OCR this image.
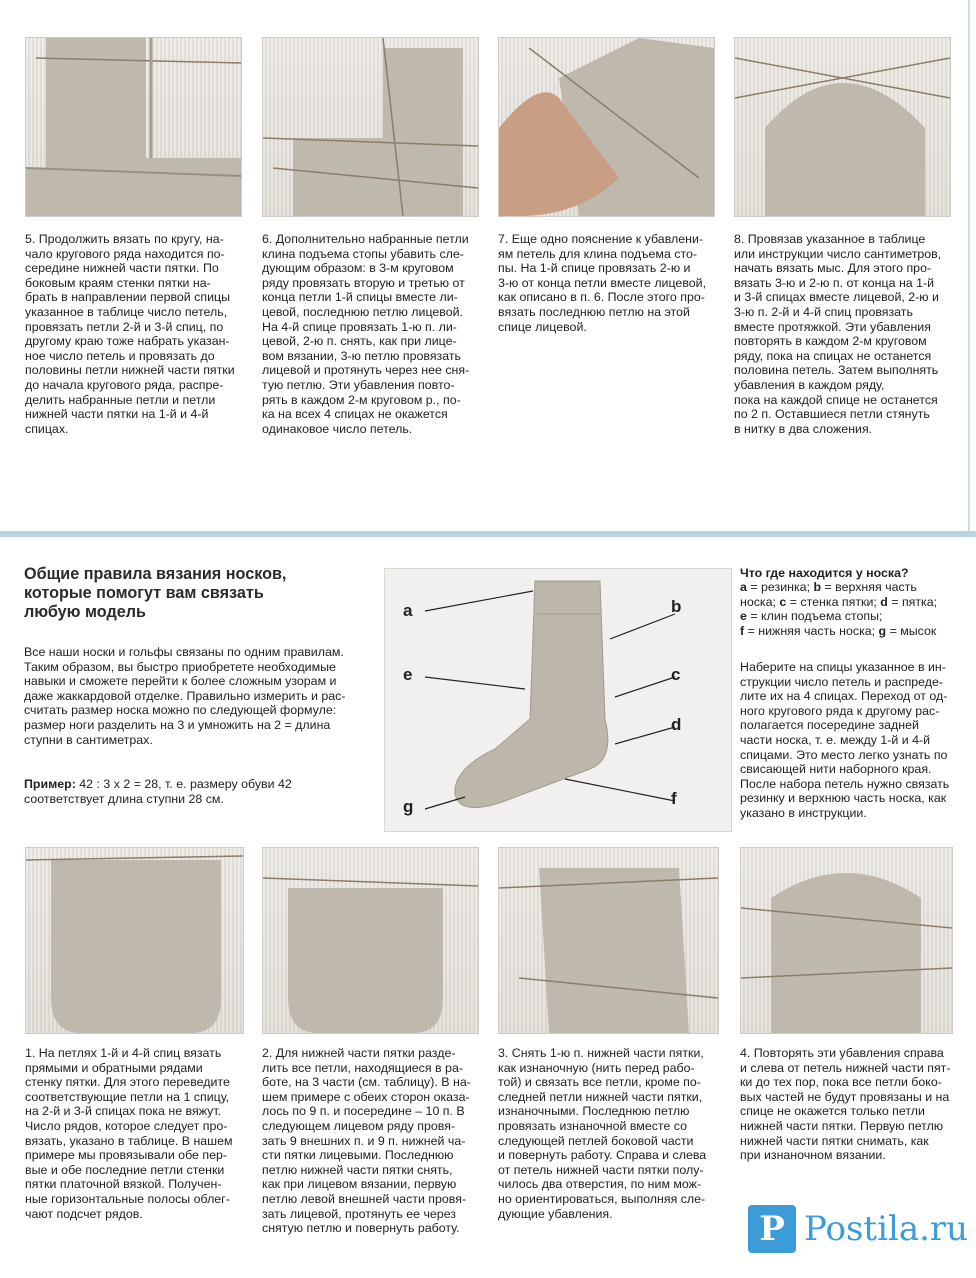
5. Продолжить вязать по кругу, на-
чало кругового ряда находится по-
середине нижней части пятки. По
боковым краям стенки пятки на-
брать в направлении первой спицы
указанное в таблице число петель,
провязать петли 2-й и 3-й спиц, по
другому краю тоже набрать указан-
ное число петель и провязать до
половины петли нижней части пятки
до начала кругового ряда, распре-
делить набранные петли и петли
нижней части пятки на 1-й и 4-й
спицах.
6. Дополнительно набранные петли
клина подъема стопы убавить сле-
дующим образом: в 3-м круговом
ряду провязать вторую и третью от
конца петли 1-й спицы вместе ли-
цевой, последнюю петлю лицевой.
На 4-й спице провязать 1-ю п. ли-
цевой, 2-ю п. снять, как при лице-
вом вязании, 3-ю петлю провязать
лицевой и протянуть через нее сня-
тую петлю. Эти убавления повто-
рять в каждом 2-м круговом р., по-
ка на всех 4 спицах не окажется
одинаковое число петель.
7. Еще одно пояснение к убавлени-
ям петель для клина подъема сто-
пы. На 1-й спице провязать 2-ю и
3-ю от конца петли вместе лицевой,
как описано в п. 6. После этого про-
вязать последнюю петлю на этой
спице лицевой.
8. Провязав указанное в таблице
или инструкции число сантиметров,
начать вязать мыс. Для этого про-
вязать 3-ю и 2-ю п. от конца на 1-й
и 3-й спицах вместе лицевой, 2-ю и
3-ю п. 2-й и 4-й спиц провязать
вместе протяжкой. Эти убавления
повторять в каждом 2-м круговом
ряду, пока на спицах не останется
половина петель. Затем выполнять
убавления в каждом ряду,
пока на каждой спице не останется
по 2 п. Оставшиеся петли стянуть
в нитку в два сложения.
Общие правила вязания носков,
которые помогут вам связать
любую модель
Все наши носки и гольфы связаны по одним правилам.
Таким образом, вы быстро приобретете необходимые
навыки и сможете перейти к более сложным узорам и
даже жаккардовой отделке. Правильно измерить и рас-
считать размер носка можно по следующей формуле:
размер ноги разделить на 3 и умножить на 2 = длина
ступни в сантиметрах.
Пример: 42 : 3 x 2 = 28, т. е. размеру обуви 42
соответствует длина ступни 28 см.
a	b
e	c
d
g	f
Что где находится у носка?
a = резинка; b = верхняя часть
носка; c = стенка пятки; d = пятка;
e = клин подъема стопы;
f = нижняя часть носка; g = мысок
Наберите на спицы указанное в ин-
струкции число петель и распреде-
лите их на 4 спицах. Переход от од-
ного кругового ряда к другому рас-
полагается посередине задней
части носка, т. е. между 1-й и 4-й
спицами. Это место легко узнать по
свисающей нити наборного края.
После набора петель нужно связать
резинку и верхнюю часть носка, как
указано в инструкции.
1. На петлях 1-й и 4-й спиц вязать
прямыми и обратными рядами
стенку пятки. Для этого переведите
соответствующие петли на 1 спицу,
на 2-й и 3-й спицах пока не вяжут.
Число рядов, которое следует про-
вязать, указано в таблице. В нашем
примере мы провязывали обе пер-
вые и обе последние петли стенки
пятки платочной вязкой. Получен-
ные горизонтальные полосы облег-
чают подсчет рядов.
2. Для нижней части пятки разде-
лить все петли, находящиеся в ра-
боте, на 3 части (см. таблицу). В на-
шем примере с обеих сторон оказа-
лось по 9 п. и посередине – 10 п. В
следующем лицевом ряду провя-
зать 9 внешних п. и 9 п. нижней ча-
сти пятки лицевыми. Последнюю
петлю нижней части пятки снять,
как при лицевом вязании, первую
петлю левой внешней части провя-
зать лицевой, протянуть ее через
снятую петлю и повернуть работу.
3. Снять 1-ю п. нижней части пятки,
как изнаночную (нить перед рабо-
той) и связать все петли, кроме по-
следней петли нижней части пятки,
изнаночными. Последнюю петлю
провязать изнаночной вместе со
следующей петлей боковой части
и повернуть работу. Справа и слева
от петель нижней части пятки полу-
чилось два отверстия, по ним мож-
но ориентироваться, выполняя сле-
дующие убавления.
4. Повторять эти убавления справа
и слева от петель нижней части пят-
ки до тех пор, пока все петли боко-
вых частей не будут провязаны и на
спице не окажется только петли
нижней части пятки. Первую петлю
нижней части пятки снимать, как
при изнаночном вязании.
P Postila.ru
